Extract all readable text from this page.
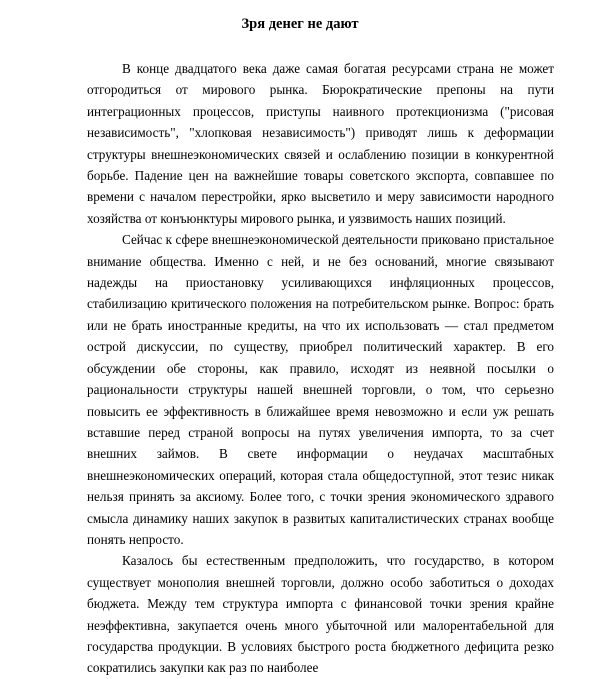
Зря денег не дают

В конце двадцатого века даже самая богатая ресурсами страна не может отгородиться от мирового рынка. Бюрократические препоны на пути интеграционных процессов, приступы наивного протекционизма ("рисовая независимость", "хлопковая независимость") приводят лишь к деформации структуры внешнеэкономических связей и ослаблению позиции в конкурентной борьбе. Падение цен на важнейшие товары советского экспорта, совпавшее по времени с началом перестройки, ярко высветило и меру зависимости народного хозяйства от конъюнктуры мирового рынка, и уязвимость наших позиций.

Сейчас к сфере внешнеэкономической деятельности приковано пристальное внимание общества. Именно с ней, и не без оснований, многие связывают надежды на приостановку усиливающихся инфляционных процессов, стабилизацию критического положения на потребительском рынке. Вопрос: брать или не брать иностранные кредиты, на что их использовать — стал предметом острой дискуссии, по существу, приобрел политический характер. В его обсуждении обе стороны, как правило, исходят из неявной посылки о рациональности структуры нашей внешней торговли, о том, что серьезно повысить ее эффективность в ближайшее время невозможно и если уж решать вставшие перед страной вопросы на путях увеличения импорта, то за счет внешних займов. В свете информации о неудачах масштабных внешнеэкономических операций, которая стала общедоступной, этот тезис никак нельзя принять за аксиому. Более того, с точки зрения экономического здравого смысла динамику наших закупок в развитых капиталистических странах вообще понять непросто.

Казалось бы естественным предположить, что государство, в котором существует монополия внешней торговли, должно особо заботиться о доходах бюджета. Между тем структура импорта с финансовой точки зрения крайне неэффективна, закупается очень много убыточной или малорентабельной для государства продукции. В условиях быстрого роста бюджетного дефицита резко сократились закупки как раз по наиболее
